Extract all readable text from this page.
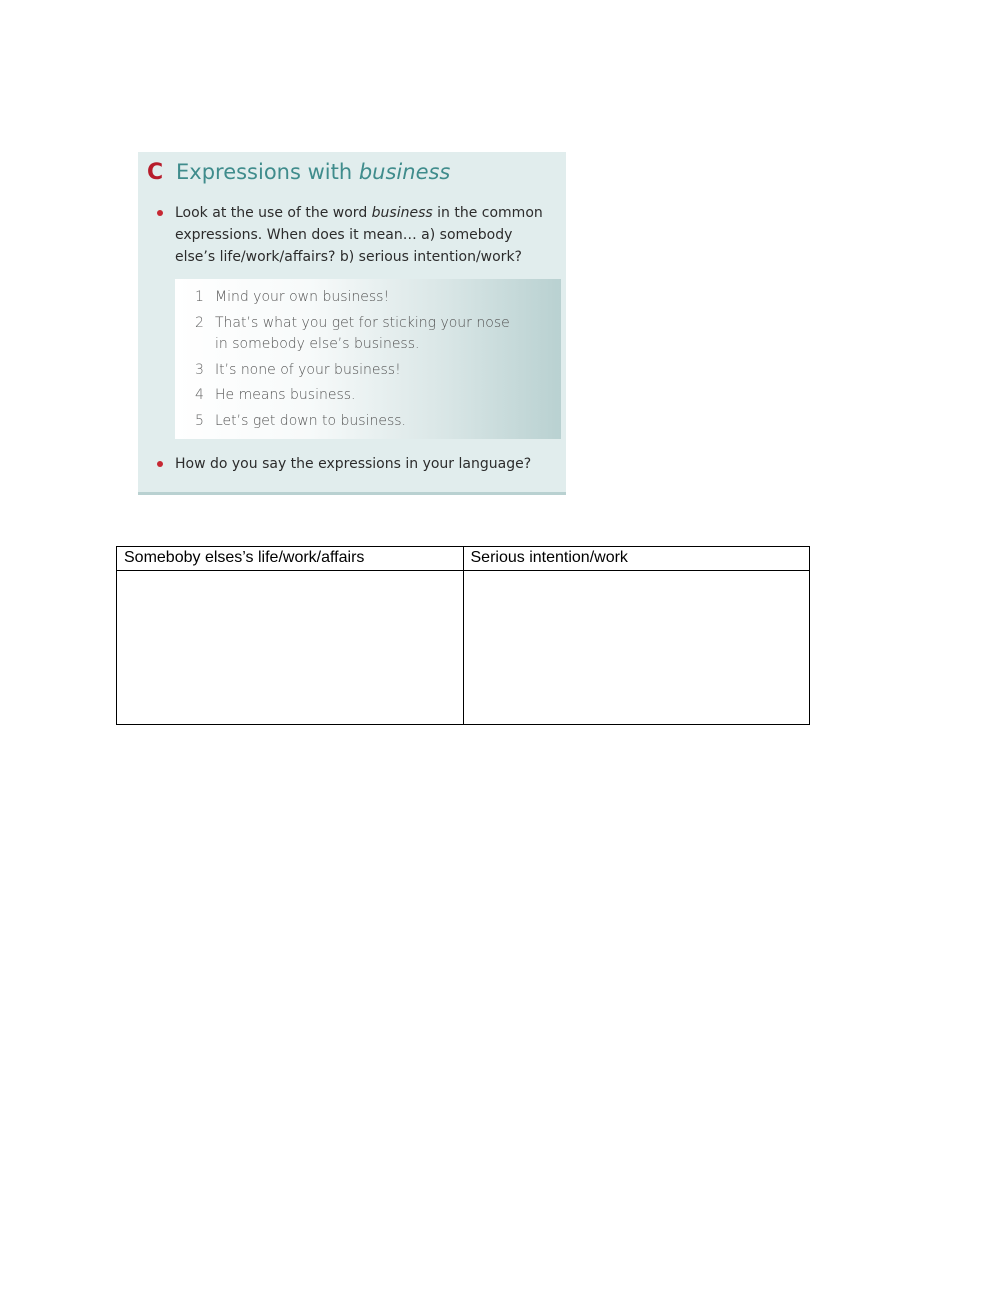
C Expressions with business
Look at the use of the word business in the common
expressions. When does it mean… a) somebody
else’s life/work/affairs? b) serious intention/work?
1 Mind your own business!
2 That’s what you get for sticking your nose
in somebody else’s business.
3 It’s none of your business!
4 He means business.
5 Let’s get down to business.
How do you say the expressions in your language?
Someboby elses’s life/work/affairs	Serious intention/work
